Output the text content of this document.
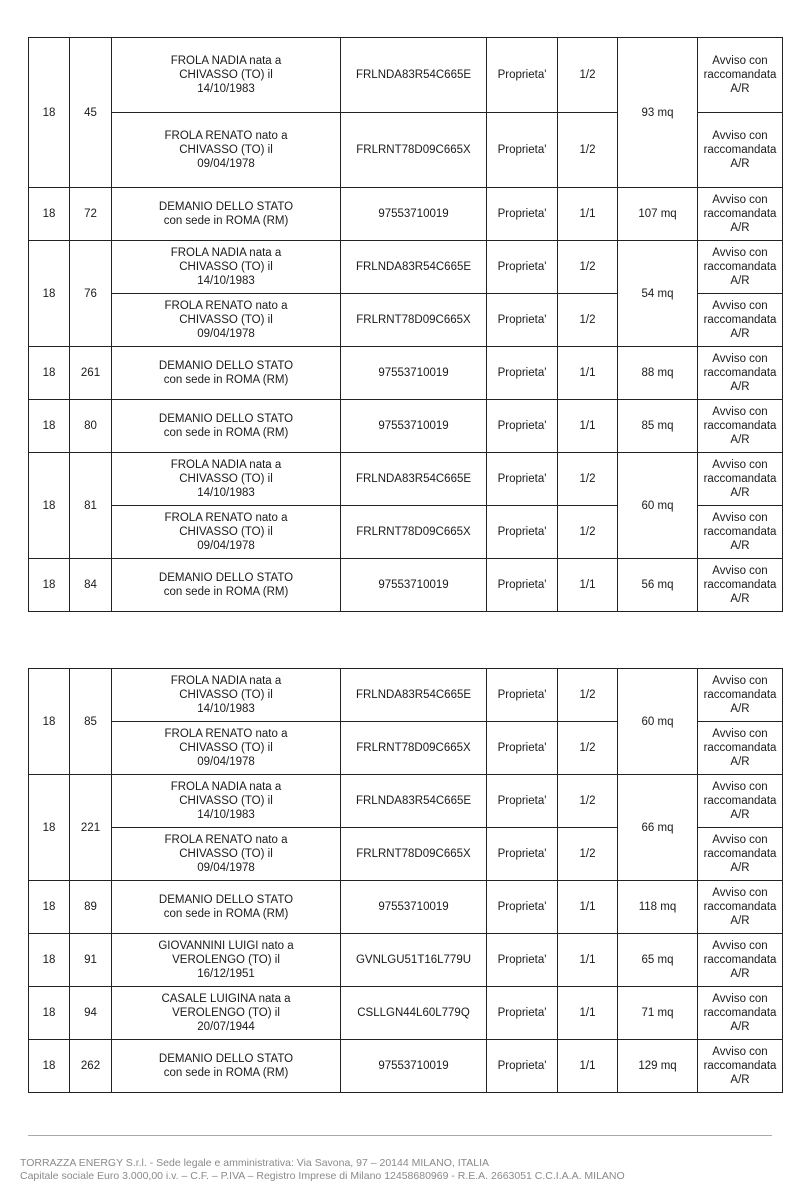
18	45	FROLA NADIA nata a
CHIVASSO (TO) il
14/10/1983	FRLNDA83R54C665E	Proprieta'	1/2	93 mq	Avviso con
raccomandata
A/R
		FROLA RENATO nato a
CHIVASSO (TO) il
09/04/1978	FRLRNT78D09C665X	Proprieta'	1/2		Avviso con
raccomandata
A/R
18	72	DEMANIO DELLO STATO
con sede in ROMA (RM)	97553710019	Proprieta'	1/1	107 mq	Avviso con
raccomandata
A/R
18	76	FROLA NADIA nata a
CHIVASSO (TO) il
14/10/1983	FRLNDA83R54C665E	Proprieta'	1/2	54 mq	Avviso con
raccomandata
A/R
		FROLA RENATO nato a
CHIVASSO (TO) il
09/04/1978	FRLRNT78D09C665X	Proprieta'	1/2		Avviso con
raccomandata
A/R
18	261	DEMANIO DELLO STATO
con sede in ROMA (RM)	97553710019	Proprieta'	1/1	88 mq	Avviso con
raccomandata
A/R
18	80	DEMANIO DELLO STATO
con sede in ROMA (RM)	97553710019	Proprieta'	1/1	85 mq	Avviso con
raccomandata
A/R
18	81	FROLA NADIA nata a
CHIVASSO (TO) il
14/10/1983	FRLNDA83R54C665E	Proprieta'	1/2	60 mq	Avviso con
raccomandata
A/R
		FROLA RENATO nato a
CHIVASSO (TO) il
09/04/1978	FRLRNT78D09C665X	Proprieta'	1/2		Avviso con
raccomandata
A/R
18	84	DEMANIO DELLO STATO
con sede in ROMA (RM)	97553710019	Proprieta'	1/1	56 mq	Avviso con
raccomandata
A/R
18	85	FROLA NADIA nata a
CHIVASSO (TO) il
14/10/1983	FRLNDA83R54C665E	Proprieta'	1/2	60 mq	Avviso con
raccomandata
A/R
		FROLA RENATO nato a
CHIVASSO (TO) il
09/04/1978	FRLRNT78D09C665X	Proprieta'	1/2		Avviso con
raccomandata
A/R
18	221	FROLA NADIA nata a
CHIVASSO (TO) il
14/10/1983	FRLNDA83R54C665E	Proprieta'	1/2	66 mq	Avviso con
raccomandata
A/R
		FROLA RENATO nato a
CHIVASSO (TO) il
09/04/1978	FRLRNT78D09C665X	Proprieta'	1/2		Avviso con
raccomandata
A/R
18	89	DEMANIO DELLO STATO
con sede in ROMA (RM)	97553710019	Proprieta'	1/1	118 mq	Avviso con
raccomandata
A/R
18	91	GIOVANNINI LUIGI nato a
VEROLENGO (TO) il
16/12/1951	GVNLGU51T16L779U	Proprieta'	1/1	65 mq	Avviso con
raccomandata
A/R
18	94	CASALE LUIGINA nata a
VEROLENGO (TO) il
20/07/1944	CSLLGN44L60L779Q	Proprieta'	1/1	71 mq	Avviso con
raccomandata
A/R
18	262	DEMANIO DELLO STATO
con sede in ROMA (RM)	97553710019	Proprieta'	1/1	129 mq	Avviso con
raccomandata
A/R
TORRAZZA ENERGY S.r.l. - Sede legale e amministrativa: Via Savona, 97 – 20144 MILANO, ITALIA
Capitale sociale Euro 3.000,00 i.v. – C.F. – P.IVA – Registro Imprese di Milano 12458680969 - R.E.A. 2663051 C.C.I.A.A. MILANO
